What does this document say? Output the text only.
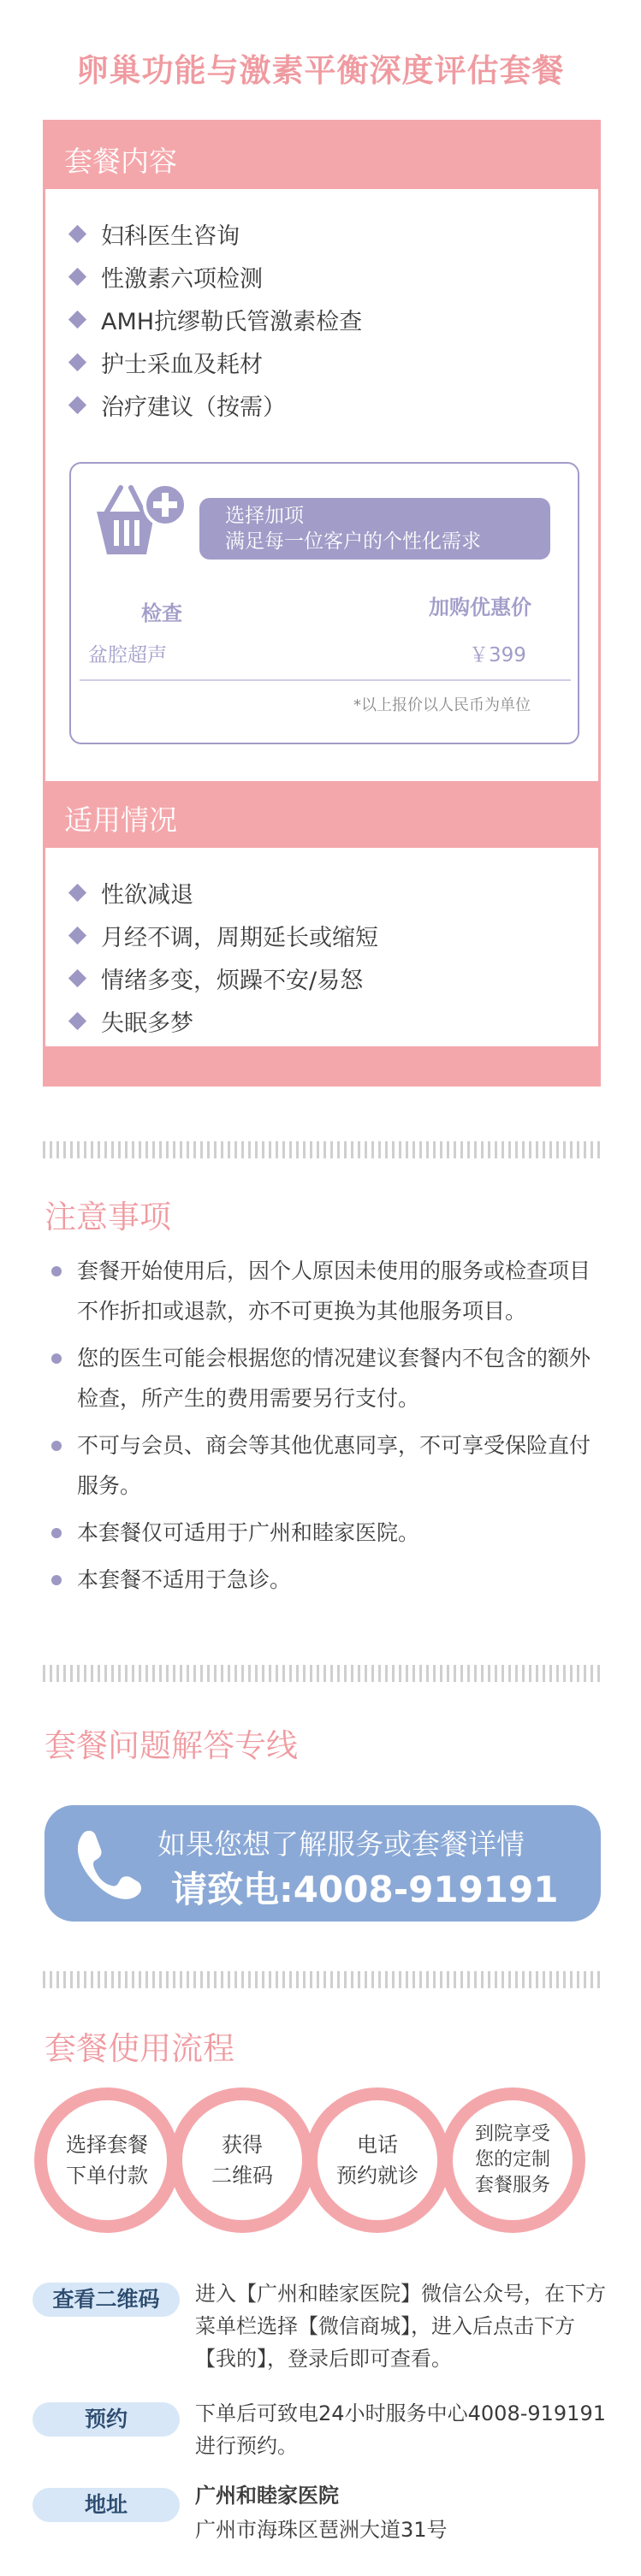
卵巢功能与激素平衡深度评估套餐
套餐内容
妇科医生咨询
性激素六项检测
AMH抗缪勒氏管激素检查
护士采血及耗材
治疗建议（按需）
选择加项
满足每一位客户的个性化需求
检查	加购优惠价
盆腔超声	￥399
*以上报价以人民币为单位
适用情况
性欲减退
月经不调，周期延长或缩短
情绪多变，烦躁不安/易怒
失眠多梦
注意事项
套餐开始使用后，因个人原因未使用的服务或检查项目不作折扣或退款，亦不可更换为其他服务项目。
您的医生可能会根据您的情况建议套餐内不包含的额外检查，所产生的费用需要另行支付。
不可与会员、商会等其他优惠同享，不可享受保险直付服务。
本套餐仅可适用于广州和睦家医院。
本套餐不适用于急诊。
套餐问题解答专线
如果您想了解服务或套餐详情
请致电:4008-919191
套餐使用流程
选择套餐
下单付款
获得
二维码
电话
预约就诊
到院享受
您的定制
套餐服务
查看二维码	进入【广州和睦家医院】微信公众号，在下方菜单栏选择【微信商城】，进入后点击下方【我的】，登录后即可查看。
预约	下单后可致电24小时服务中心4008-919191进行预约。
地址	广州和睦家医院
广州市海珠区琶洲大道31号
